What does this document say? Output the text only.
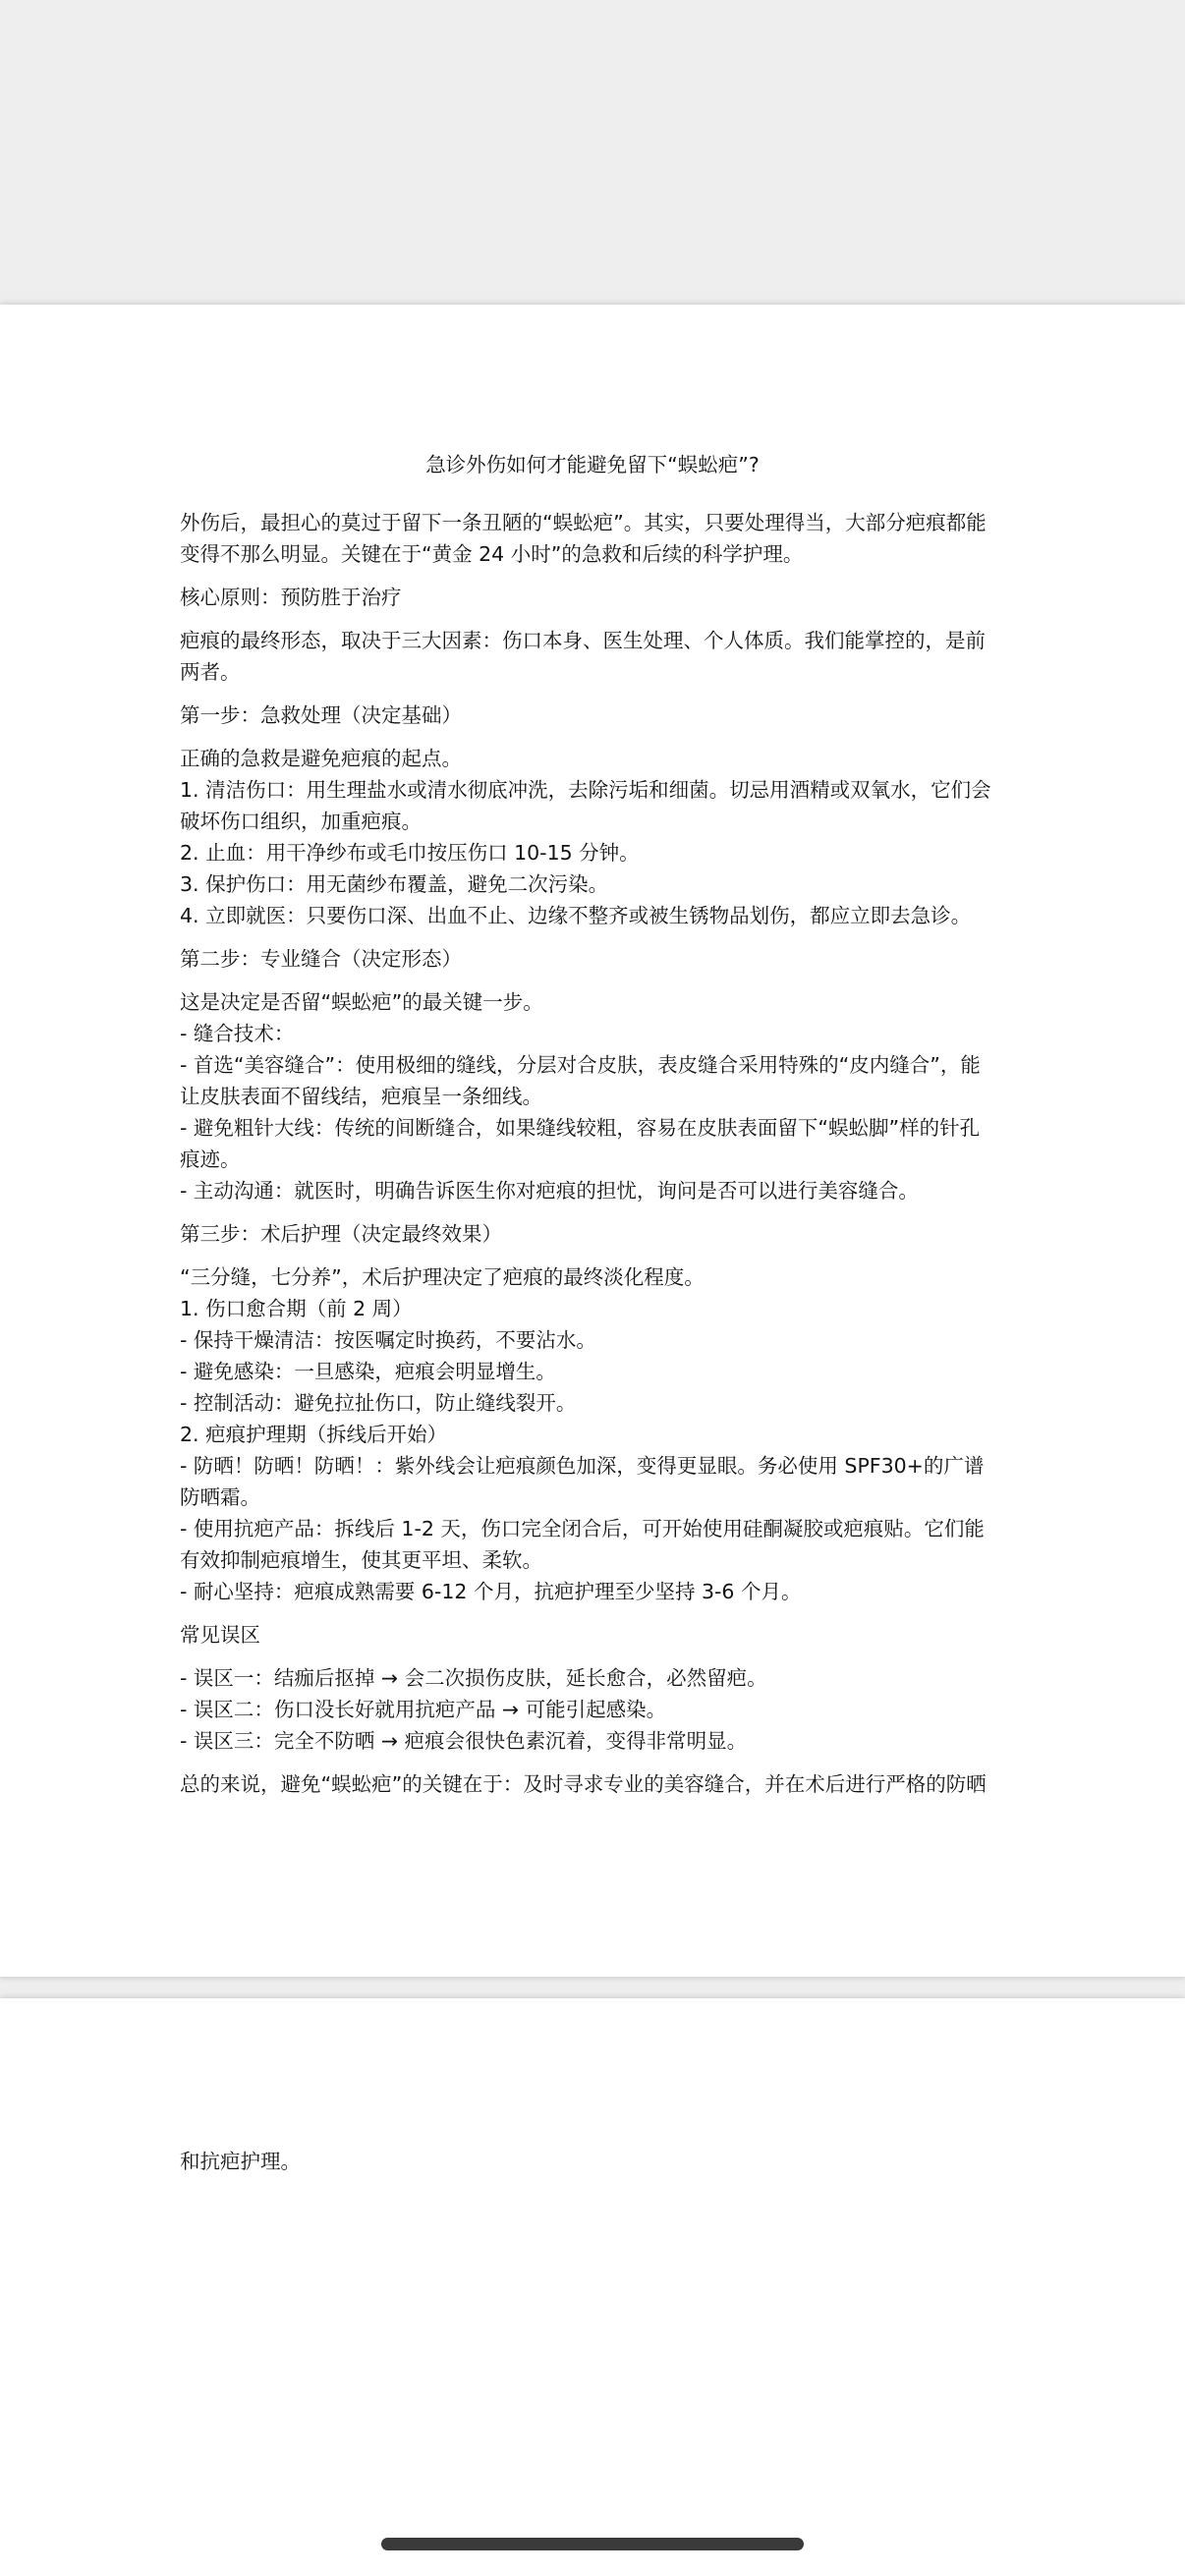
急诊外伤如何才能避免留下“蜈蚣疤”?
外伤后，最担心的莫过于留下一条丑陋的“蜈蚣疤”。其实，只要处理得当，大部分疤痕都能
变得不那么明显。关键在于“黄金 24 小时”的急救和后续的科学护理。
核心原则：预防胜于治疗
疤痕的最终形态，取决于三大因素：伤口本身、医生处理、个人体质。我们能掌控的，是前
两者。
第一步：急救处理（决定基础）
正确的急救是避免疤痕的起点。
1. 清洁伤口：用生理盐水或清水彻底冲洗，去除污垢和细菌。切忌用酒精或双氧水，它们会
破坏伤口组织，加重疤痕。
2. 止血：用干净纱布或毛巾按压伤口 10-15 分钟。
3. 保护伤口：用无菌纱布覆盖，避免二次污染。
4. 立即就医：只要伤口深、出血不止、边缘不整齐或被生锈物品划伤，都应立即去急诊。
第二步：专业缝合（决定形态）
这是决定是否留“蜈蚣疤”的最关键一步。
- 缝合技术：
- 首选“美容缝合”：使用极细的缝线，分层对合皮肤，表皮缝合采用特殊的“皮内缝合”，能
让皮肤表面不留线结，疤痕呈一条细线。
- 避免粗针大线：传统的间断缝合，如果缝线较粗，容易在皮肤表面留下“蜈蚣脚”样的针孔
痕迹。
- 主动沟通：就医时，明确告诉医生你对疤痕的担忧，询问是否可以进行美容缝合。
第三步：术后护理（决定最终效果）
“三分缝，七分养”，术后护理决定了疤痕的最终淡化程度。
1. 伤口愈合期（前 2 周）
- 保持干燥清洁：按医嘱定时换药，不要沾水。
- 避免感染：一旦感染，疤痕会明显增生。
- 控制活动：避免拉扯伤口，防止缝线裂开。
2. 疤痕护理期（拆线后开始）
- 防晒！防晒！防晒！：紫外线会让疤痕颜色加深，变得更显眼。务必使用 SPF30+的广谱
防晒霜。
- 使用抗疤产品：拆线后 1-2 天，伤口完全闭合后，可开始使用硅酮凝胶或疤痕贴。它们能
有效抑制疤痕增生，使其更平坦、柔软。
- 耐心坚持：疤痕成熟需要 6-12 个月，抗疤护理至少坚持 3-6 个月。
常见误区
- 误区一：结痂后抠掉 → 会二次损伤皮肤，延长愈合，必然留疤。
- 误区二：伤口没长好就用抗疤产品 → 可能引起感染。
- 误区三：完全不防晒 → 疤痕会很快色素沉着，变得非常明显。
总的来说，避免“蜈蚣疤”的关键在于：及时寻求专业的美容缝合，并在术后进行严格的防晒
和抗疤护理。
